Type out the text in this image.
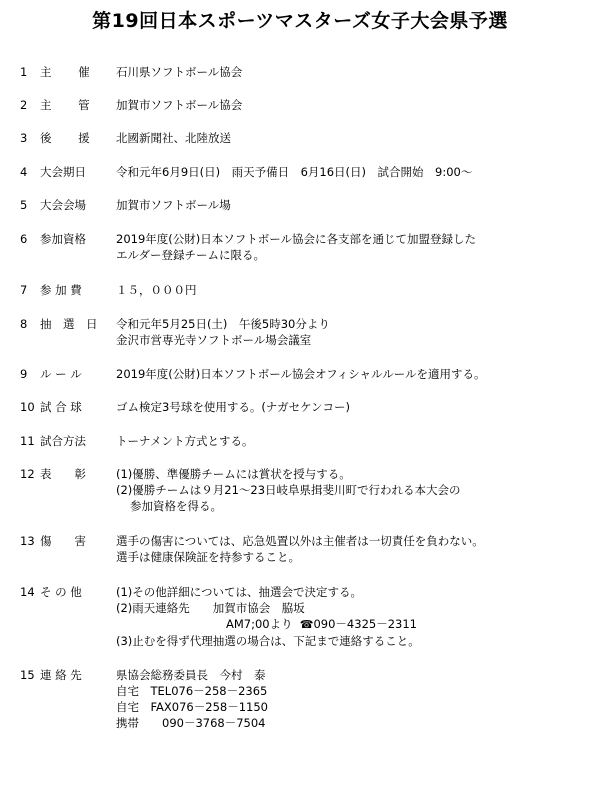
第19回日本スポーツマスターズ女子大会県予選
1	主　 　催	石川県ソフトボール協会
2	主　 　管	加賀市ソフトボール協会
3	後　 　援	北國新聞社、北陸放送
4	大会期日	令和元年6月9日(日)　雨天予備日　6月16日(日)　試合開始　9:00～
5	大会会場	加賀市ソフトボール場
6	参加資格	2019年度(公財)日本ソフトボール協会に各支部を通じて加盟登録した
エルダー登録チームに限る。
7	参 加 費	１５，０００円
8	抽　選　日	令和元年5月25日(土)　午後5時30分より
金沢市営専光寺ソフトボール場会議室
9	ル ー ル	2019年度(公財)日本ソフトボール協会オフィシャルルールを適用する。
10 試 合 球	ゴム検定3号球を使用する。(ナガセケンコー)
11 試合方法	トーナメント方式とする。
12 表　　彰	(1)優勝、準優勝チームには賞状を授与する。
(2)優勝チームは９月21～23日岐阜県揖斐川町で行われる本大会の
参加資格を得る。
13 傷　　害	選手の傷害については、応急処置以外は主催者は一切責任を負わない。
選手は健康保険証を持参すること。
14 そ の 他	(1)その他詳細については、抽選会で決定する。
(2)雨天連絡先　　加賀市協会　脇坂
AM7;00より  ☎090－4325－2311
(3)止むを得ず代理抽選の場合は、下記まで連絡すること。
15 連 絡 先	県協会総務委員長　今村　泰
自宅　TEL076－258－2365
自宅　FAX076－258－1150
携帯　　090－3768－7504
